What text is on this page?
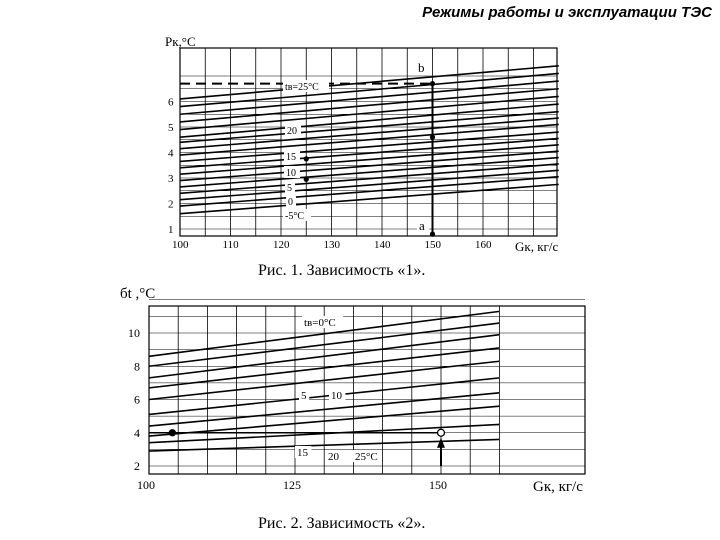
Режимы работы и эксплуатации ТЭС
100	110	120	130	140	150	160
1
2
3
4
5
6
Рк,°С
Gк, кг/с
b
a
tв=25°С
20
15
10
5
0
-5°С
Рис. 1. Зависимость «1».
100	125	150
2
4
6
8
10
бt ,°С
Gк, кг/с
tв=0°С
5 10
15 20 25°С
Рис. 2. Зависимость «2».
